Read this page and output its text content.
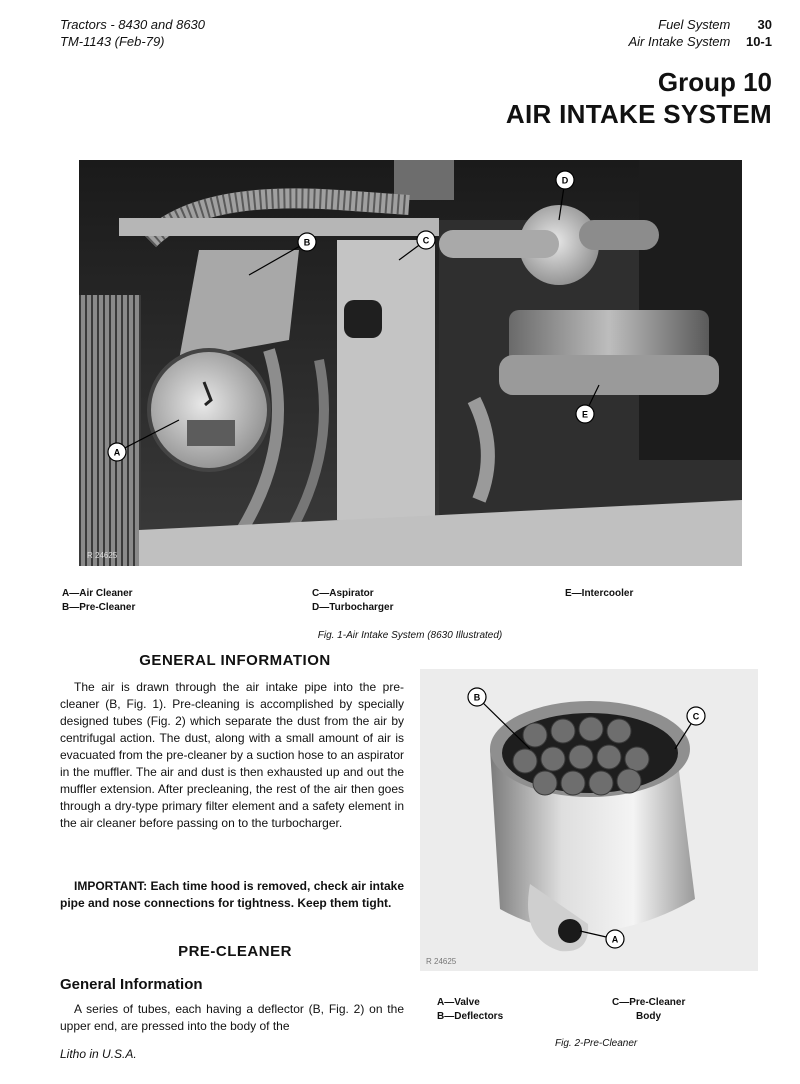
Tractors - 8430 and 8630
TM-1143 (Feb-79)
Fuel System 30
Air Intake System 10-1
Group 10
AIR INTAKE SYSTEM
B	C
D
A
E
R 24625
A—Air Cleaner
B—Pre-Cleaner
C—Aspirator
D—Turbocharger
E—Intercooler
Fig. 1-Air Intake System (8630 Illustrated)
GENERAL INFORMATION
The air is drawn through the air intake pipe into the pre-cleaner (B, Fig. 1). Pre-cleaning is accomplished by specially designed tubes (Fig. 2) which separate the dust from the air by centrifugal action. The dust, along with a small amount of air is evacuated from the pre-cleaner by a suction hose to an aspirator in the muffler. The air and dust is then exhausted up and out the muffler extension. After precleaning, the rest of the air then goes through a dry-type primary filter element and a safety element in the air cleaner before passing on to the turbocharger.
IMPORTANT: Each time hood is removed, check air intake pipe and nose connections for tightness. Keep them tight.
PRE-CLEANER
General Information
A series of tubes, each having a deflector (B, Fig. 2) on the upper end, are pressed into the body of the
B
C
A
R 24625
A—Valve
B—Deflectors
C—Pre-Cleaner
Body
Fig. 2-Pre-Cleaner
Litho in U.S.A.
